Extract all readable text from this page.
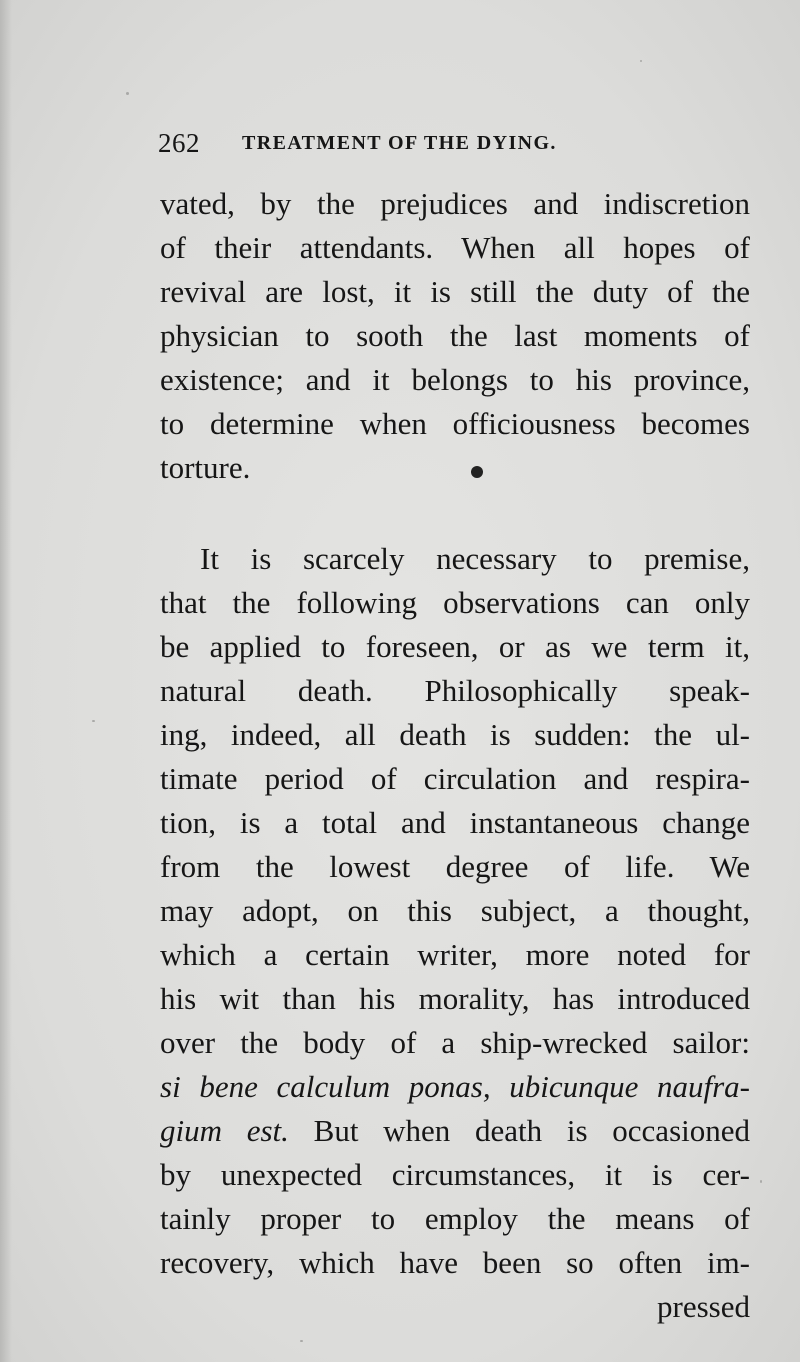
262 TREATMENT OF THE DYING.
vated, by the prejudices and indiscretion
of their attendants. When all hopes of
revival are lost, it is still the duty of the
physician to sooth the last moments of
existence; and it belongs to his province,
to determine when officiousness becomes
torture.
It is scarcely necessary to premise,
that the following observations can only
be applied to foreseen, or as we term it,
natural death. Philosophically speak-
ing, indeed, all death is sudden: the ul-
timate period of circulation and respira-
tion, is a total and instantaneous change
from the lowest degree of life. We
may adopt, on this subject, a thought,
which a certain writer, more noted for
his wit than his morality, has introduced
over the body of a ship-wrecked sailor:
si bene calculum ponas, ubicunque naufra-
gium est. But when death is occasioned
by unexpected circumstances, it is cer-
tainly proper to employ the means of
recovery, which have been so often im-
pressed
